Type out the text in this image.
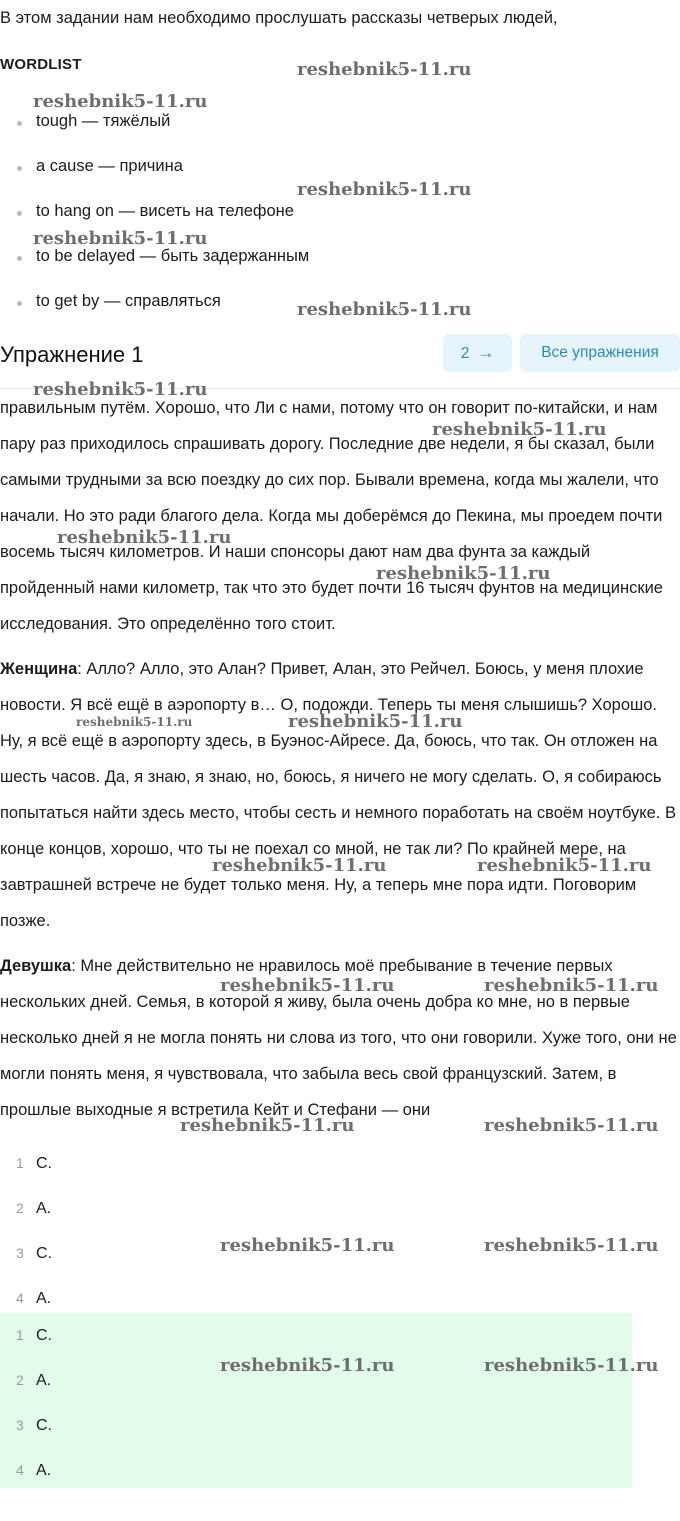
В этом задании нам необходимо прослушать рассказы четверых людей,
WORDLIST
tough — тяжёлый
a cause — причина
to hang on — висеть на телефоне
to be delayed — быть задержанным
to get by — справляться
Упражнение 1	2 →	Все упражнения

правильным путём. Хорошо, что Ли с нами, потому что он говорит по-китайски, и нам пару раз приходилось спрашивать дорогу. Последние две недели, я бы сказал, были самыми трудными за всю поездку до сих пор. Бывали времена, когда мы жалели, что начали. Но это ради благого дела. Когда мы доберёмся до Пекина, мы проедем почти восемь тысяч километров. И наши спонсоры дают нам два фунта за каждый пройденный нами километр, так что это будет почти 16 тысяч фунтов на медицинские исследования. Это определённо того стоит.

Женщина: Алло? Алло, это Алан? Привет, Алан, это Рейчел. Боюсь, у меня плохие новости. Я всё ещё в аэропорту в… О, подожди. Теперь ты меня слышишь? Хорошо. Ну, я всё ещё в аэропорту здесь, в Буэнос-Айресе. Да, боюсь, что так. Он отложен на шесть часов. Да, я знаю, я знаю, но, боюсь, я ничего не могу сделать. О, я собираюсь попытаться найти здесь место, чтобы сесть и немного поработать на своём ноутбуке. В конце концов, хорошо, что ты не поехал со мной, не так ли? По крайней мере, на завтрашней встрече не будет только меня. Ну, а теперь мне пора идти. Поговорим позже.

Девушка: Мне действительно не нравилось моё пребывание в течение первых нескольких дней. Семья, в которой я живу, была очень добра ко мне, но в первые несколько дней я не могла понять ни слова из того, что они говорили. Хуже того, они не могли понять меня, я чувствовала, что забыла весь свой французский. Затем, в прошлые выходные я встретила Кейт и Стефани — они

1 C.
2 A.
3 C.
4 A.
1 C.
2 A.
3 C.
4 A.
reshebnik5-11.ru
reshebnik5-11.ru
reshebnik5-11.ru
reshebnik5-11.ru
reshebnik5-11.ru
reshebnik5-11.ru
reshebnik5-11.ru
reshebnik5-11.ru
reshebnik5-11.ru
reshebnik5-11.ru	reshebnik5-11.ru
reshebnik5-11.ru	reshebnik5-11.ru
reshebnik5-11.ru	reshebnik5-11.ru
reshebnik5-11.ru	reshebnik5-11.ru
reshebnik5-11.ru	reshebnik5-11.ru
reshebnik5-11.ru	reshebnik5-11.ru
